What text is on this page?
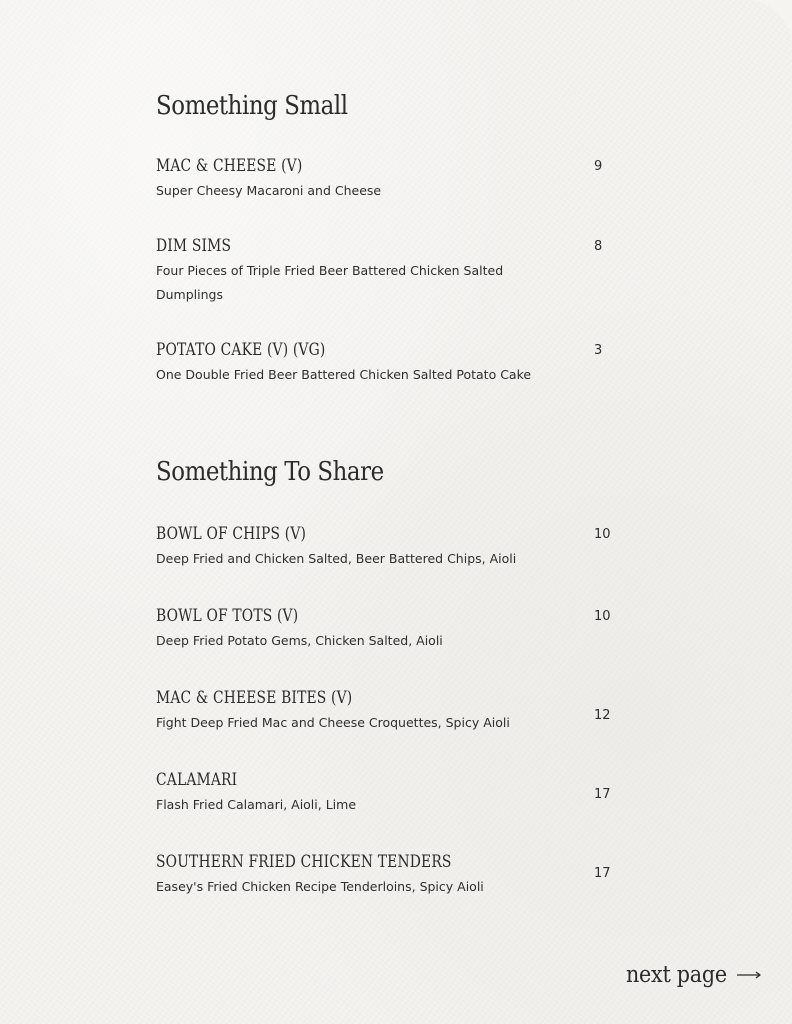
Something Small
MAC & CHEESE (V)
Super Cheesy Macaroni and Cheese
9
DIM SIMS
Four Pieces of Triple Fried Beer Battered Chicken Salted Dumplings
8
POTATO CAKE (V) (VG)
One Double Fried Beer Battered Chicken Salted Potato Cake
3
Something To Share
BOWL OF CHIPS (V)
Deep Fried and Chicken Salted, Beer Battered Chips, Aioli
10
BOWL OF TOTS (V)
Deep Fried Potato Gems, Chicken Salted, Aioli
10
MAC & CHEESE BITES (V)
Fight Deep Fried Mac and Cheese Croquettes, Spicy Aioli	12
CALAMARI
Flash Fried Calamari, Aioli, Lime
17
SOUTHERN FRIED CHICKEN TENDERS
Easey's Fried Chicken Recipe Tenderloins, Spicy Aioli
17
next page
